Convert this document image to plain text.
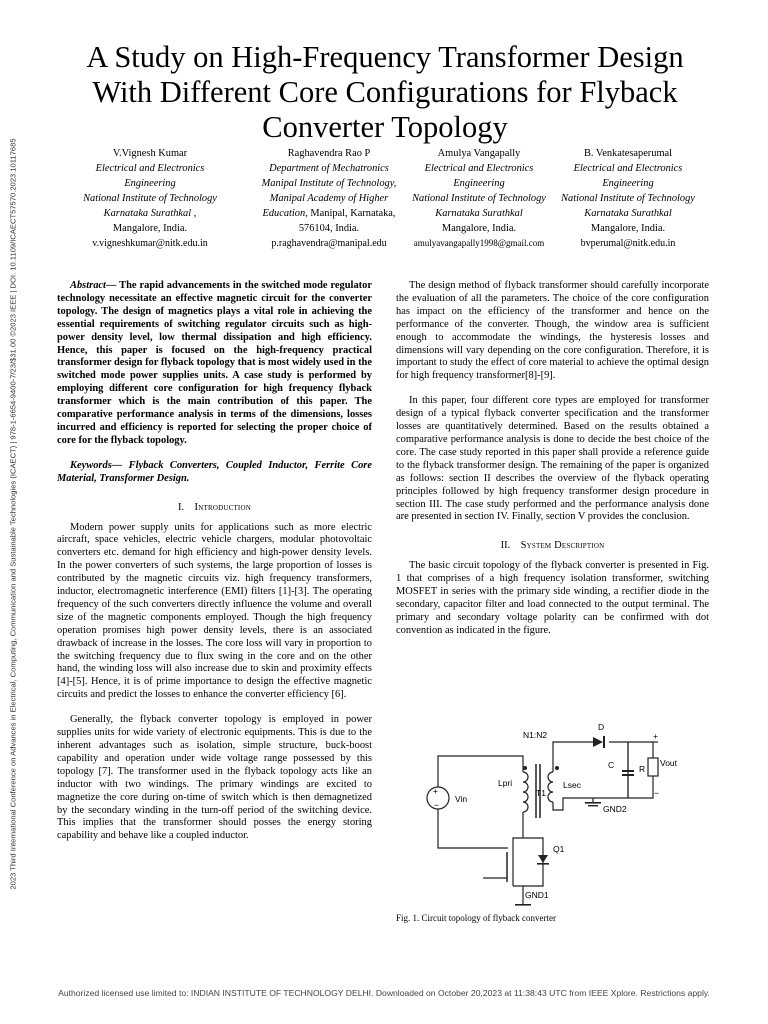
2023 Third International Conference on Advances in Electrical, Computing, Communication and Sustainable Technologies (ICAECT) | 978-1-6654-9400-7/23/$31.00 ©2023 IEEE | DOI: 10.1109/ICAECT57570.2023.10117685
A Study on High-Frequency Transformer Design
With Different Core Configurations for Flyback
Converter Topology
V.Vignesh Kumar
Electrical and Electronics
Engineering
National Institute of Technology
Karnataka Surathkal ,
Mangalore, India.
v.vigneshkumar@nitk.edu.in
Raghavendra Rao P
Department of Mechatronics
Manipal Institute of Technology,
Manipal Academy of Higher
Education, Manipal, Karnataka,
576104, India.
p.raghavendra@manipal.edu
Amulya Vangapally
Electrical and Electronics
Engineering
National Institute of Technology
Karnataka Surathkal
Mangalore, India.
amulyavangapally1998@gmail.com
B. Venkatesaperumal
Electrical and Electronics
Engineering
National Institute of Technology
Karnataka Surathkal
Mangalore, India.
bvperumal@nitk.edu.in

Abstract— The rapid advancements in the switched mode regulator technology necessitate an effective magnetic circuit for the converter topology. The design of magnetics plays a vital role in achieving the essential requirements of switching regulator circuits such as high-power density level, low thermal dissipation and high efficiency. Hence, this paper is focused on the high-frequency practical transformer design for flyback topology that is most widely used in the switched mode power supplies units. A case study is performed by employing different core configuration for high frequency flyback transformer which is the main contribution of this paper. The comparative performance analysis in terms of the dimensions, losses incurred and efficiency is reported for selecting the proper choice of core for the flyback topology.

Keywords— Flyback Converters, Coupled Inductor, Ferrite Core Material, Transformer Design.

I. Introduction

Modern power supply units for applications such as more electric aircraft, space vehicles, electric vehicle chargers, modular photovoltaic converters etc. demand for high efficiency and high-power density levels. In the power converters of such systems, the large proportion of losses is contributed by the magnetic circuits viz. high frequency transformers, inductor, electromagnetic interference (EMI) filters [1]-[3]. The operating frequency of the such converters directly influence the volume and overall size of the magnetic components employed. Though the high frequency operation promises high power density levels, there is an associated drawback of increase in the losses. The core loss will vary in proportion to the switching frequency due to flux swing in the core and on the other hand, the winding loss will also increase due to skin and proximity effects [4]-[5]. Hence, it is of prime importance to design the effective magnetic circuits and predict the losses to enhance the converter efficiency [6].

Generally, the flyback converter topology is employed in power supplies units for wide variety of electronic equipments. This is due to the inherent advantages such as isolation, simple structure, buck-boost capability and operation under wide voltage range possessed by this topology [7]. The transformer used in the flyback topology acts like an inductor with two windings. The primary windings are excited to magnetize the core during on-time of switch which is then demagnetized by the secondary winding in the turn-off period of the switching device. This implies that the transformer should posses the energy storing capability and behave like a coupled inductor.

The design method of flyback transformer should carefully incorporate the evaluation of all the parameters. The choice of the core configuration has impact on the efficiency of the transformer and hence on the performance of the converter. Though, the window area is sufficient enough to accommodate the windings, the hysteresis losses and dimensions will vary depending on the core configuration. Therefore, it is important to study the effect of core material to achieve the optimal design for high frequency transformer[8]-[9].

In this paper, four different core types are employed for transformer design of a typical flyback converter specification and the transformer losses are quantitatively determined. Based on the results obtained a comparative performance analysis is done to decide the best choice of the core. The case study reported in this paper shall provide a reference guide to the flyback transformer design. The remaining of the paper is organized as follows: section II describes the overview of the flyback operating principles followed by high frequency transformer design procedure in section III. The case study performed and the performance analysis done are presented in section IV. Finally, section V provides the conclusion.

II. System Description

The basic circuit topology of the flyback converter is presented in Fig. 1 that comprises of a high frequency isolation transformer, switching MOSFET in series with the primary side winding, a rectifier diode in the secondary, capacitor filter and load connected to the output terminal. The primary and secondary voltage polarity can be confirmed with dot convention as indicated in the figure.

+
−
Vin
N1:N2
Lpri	Lsec
T1
D
C	R
+
Vout
−
GND2
Q1
GND1
Fig. 1. Circuit topology of flyback converter
Authorized licensed use limited to: INDIAN INSTITUTE OF TECHNOLOGY DELHI. Downloaded on October 20,2023 at 11:38:43 UTC from IEEE Xplore. Restrictions apply.
